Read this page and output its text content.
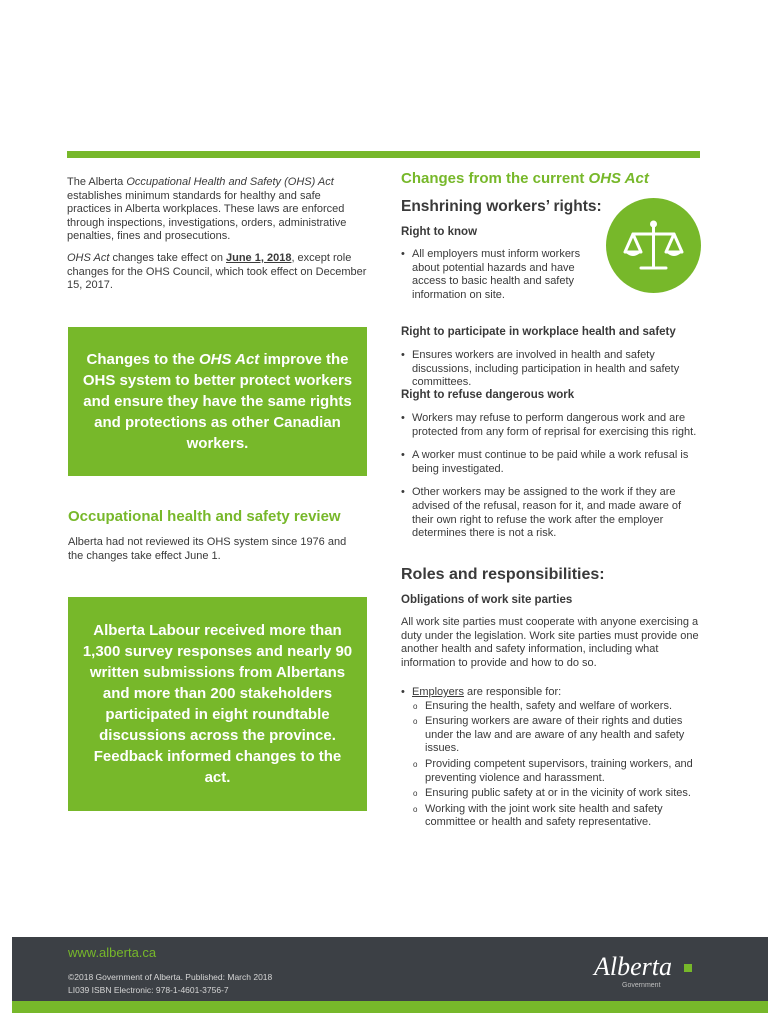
The Alberta Occupational Health and Safety (OHS) Act establishes minimum standards for healthy and safe practices in Alberta workplaces. These laws are enforced through inspections, investigations, orders, administrative penalties, fines and prosecutions.

OHS Act changes take effect on June 1, 2018, except role changes for the OHS Council, which took effect on December 15, 2017.

Changes to the OHS Act improve the OHS system to better protect workers and ensure they have the same rights and protections as other Canadian workers.
Occupational health and safety review

Alberta had not reviewed its OHS system since 1976 and the changes take effect June 1.

Alberta Labour received more than 1,300 survey responses and nearly 90 written submissions from Albertans and more than 200 stakeholders participated in eight roundtable discussions across the province. Feedback informed changes to the act.
Changes from the current OHS Act
Enshrining workers’ rights:
Right to know
• All employers must inform workers about potential hazards and have access to basic health and safety information on site.
Right to participate in workplace health and safety
• Ensures workers are involved in health and safety discussions, including participation in health and safety committees.
Right to refuse dangerous work
• Workers may refuse to perform dangerous work and are protected from any form of reprisal for exercising this right.
• A worker must continue to be paid while a work refusal is being investigated.
• Other workers may be assigned to the work if they are advised of the refusal, reason for it, and made aware of their own right to refuse the work after the employer determines there is not a risk.
Roles and responsibilities:
Obligations of work site parties

All work site parties must cooperate with anyone exercising a duty under the legislation. Work site parties must provide one another health and safety information, including what information to provide and how to do so.

• Employers are responsible for:
o Ensuring the health, safety and welfare of workers.
o Ensuring workers are aware of their rights and duties under the law and are aware of any health and safety issues.
o Providing competent supervisors, training workers, and preventing violence and harassment.
o Ensuring public safety at or in the vicinity of work sites.
o Working with the joint work site health and safety committee or health and safety representative.
www.alberta.ca
©2018 Government of Alberta. Published: March 2018
LI039 ISBN Electronic: 978-1-4601-3756-7
Alberta
Government
